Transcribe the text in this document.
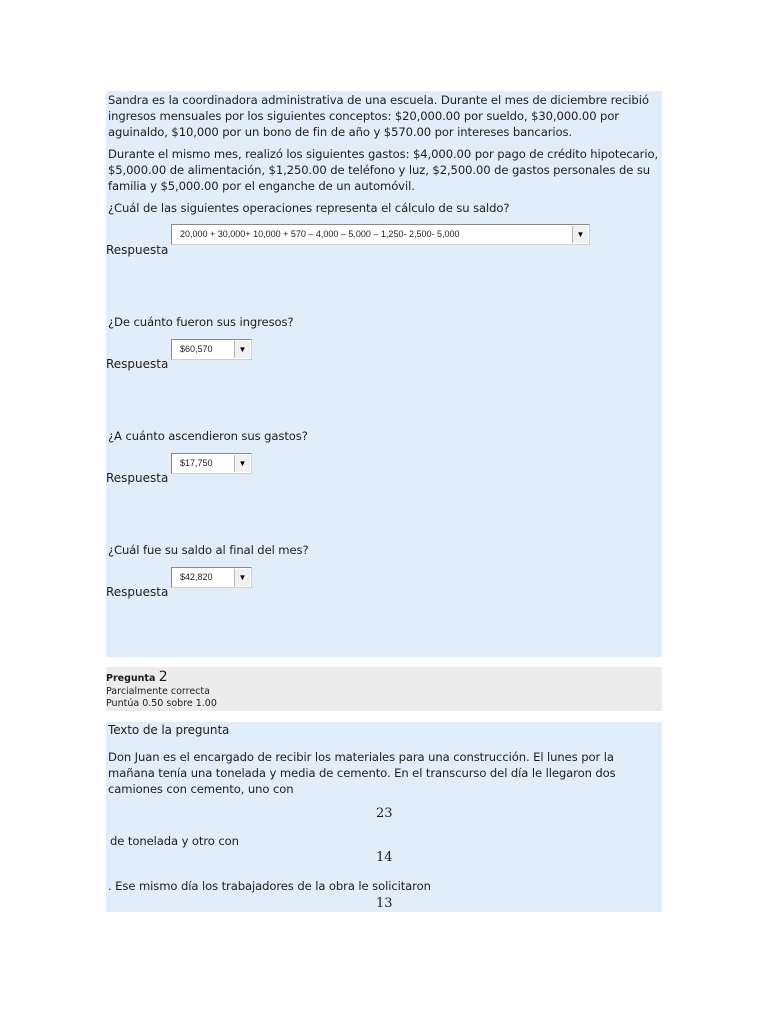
Sandra es la coordinadora administrativa de una escuela. Durante el mes de diciembre recibió ingresos mensuales por los siguientes conceptos: $20,000.00 por sueldo, $30,000.00 por aguinaldo, $10,000 por un bono de fin de año y $570.00 por intereses bancarios.
Durante el mismo mes, realizó los siguientes gastos: $4,000.00 por pago de crédito hipotecario, $5,000.00 de alimentación, $1,250.00 de teléfono y luz, $2,500.00 de gastos personales de su familia y $5,000.00 por el enganche de un automóvil.
¿Cuál de las siguientes operaciones representa el cálculo de su saldo?
20,000 + 30,000+ 10,000 + 570 – 4,000 – 5,000 – 1,250- 2,500- 5,000	▼
Respuesta
¿De cuánto fueron sus ingresos?
$60,570	▼
Respuesta
¿A cuánto ascendieron sus gastos?
$17,750	▼
Respuesta
¿Cuál fue su saldo al final del mes?
$42,820	▼
Respuesta
Pregunta 2
Parcialmente correcta
Puntúa 0.50 sobre 1.00
Texto de la pregunta
Don Juan es el encargado de recibir los materiales para una construcción. El lunes por la mañana tenía una tonelada y media de cemento. En el transcurso del día le llegaron dos camiones con cemento, uno con
23
de tonelada y otro con
14
. Ese mismo día los trabajadores de la obra le solicitaron
13
